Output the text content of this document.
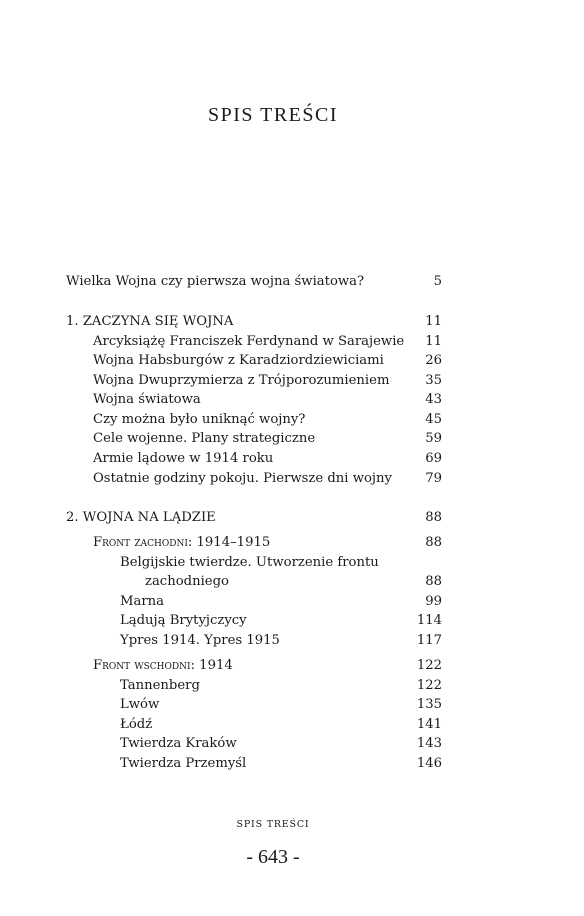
SPIS TREŚCI
Wielka Wojna czy pierwsza wojna światowa?	5
1. ZACZYNA SIĘ WOJNA	11
Arcyksiążę Franciszek Ferdynand w Sarajewie 11
Wojna Habsburgów z Karadziordziewiciami	26
Wojna Dwuprzymierza z Trójporozumieniem	35
Wojna światowa	43
Czy można było uniknąć wojny?	45
Cele wojenne. Plany strategiczne	59
Armie lądowe w 1914 roku	69
Ostatnie godziny pokoju. Pierwsze dni wojny	79
2. WOJNA NA LĄDZIE	88
Front zachodni: 1914–1915	88
Belgijskie twierdze. Utworzenie frontu
zachodniego	88
Marna	99
Lądują Brytyjczycy	114
Ypres 1914. Ypres 1915	117
Front wschodni: 1914	122
Tannenberg	122
Lwów	135
Łódź	141
Twierdza Kraków	143
Twierdza Przemyśl	146
SPIS TREŚCI
- 643 -
